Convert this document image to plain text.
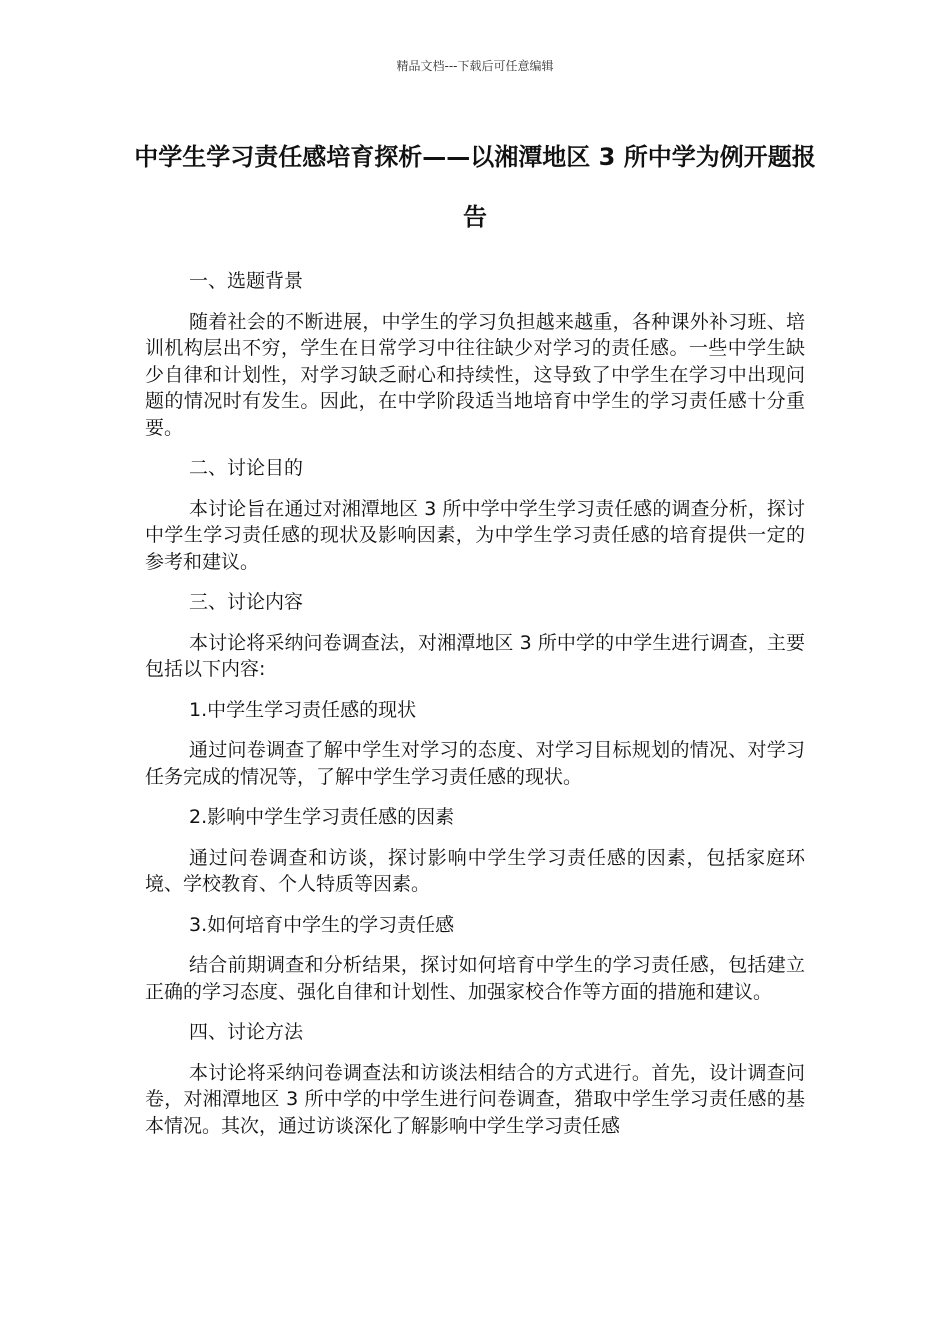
精品文档---下载后可任意编辑
中学生学习责任感培育探析——以湘潭地区 3 所中学为例开题报告

一、选题背景

随着社会的不断进展，中学生的学习负担越来越重，各种课外补习班、培训机构层出不穷，学生在日常学习中往往缺少对学习的责任感。一些中学生缺少自律和计划性，对学习缺乏耐心和持续性，这导致了中学生在学习中出现问题的情况时有发生。因此，在中学阶段适当地培育中学生的学习责任感十分重要。

二、讨论目的

本讨论旨在通过对湘潭地区 3 所中学中学生学习责任感的调查分析，探讨中学生学习责任感的现状及影响因素，为中学生学习责任感的培育提供一定的参考和建议。

三、讨论内容

本讨论将采纳问卷调查法，对湘潭地区 3 所中学的中学生进行调查，主要包括以下内容:

1.中学生学习责任感的现状

通过问卷调查了解中学生对学习的态度、对学习目标规划的情况、对学习任务完成的情况等，了解中学生学习责任感的现状。

2.影响中学生学习责任感的因素

通过问卷调查和访谈，探讨影响中学生学习责任感的因素，包括家庭环境、学校教育、个人特质等因素。

3.如何培育中学生的学习责任感

结合前期调查和分析结果，探讨如何培育中学生的学习责任感，包括建立正确的学习态度、强化自律和计划性、加强家校合作等方面的措施和建议。

四、讨论方法

本讨论将采纳问卷调查法和访谈法相结合的方式进行。首先，设计调查问卷，对湘潭地区 3 所中学的中学生进行问卷调查，猎取中学生学习责任感的基本情况。其次，通过访谈深化了解影响中学生学习责任感
